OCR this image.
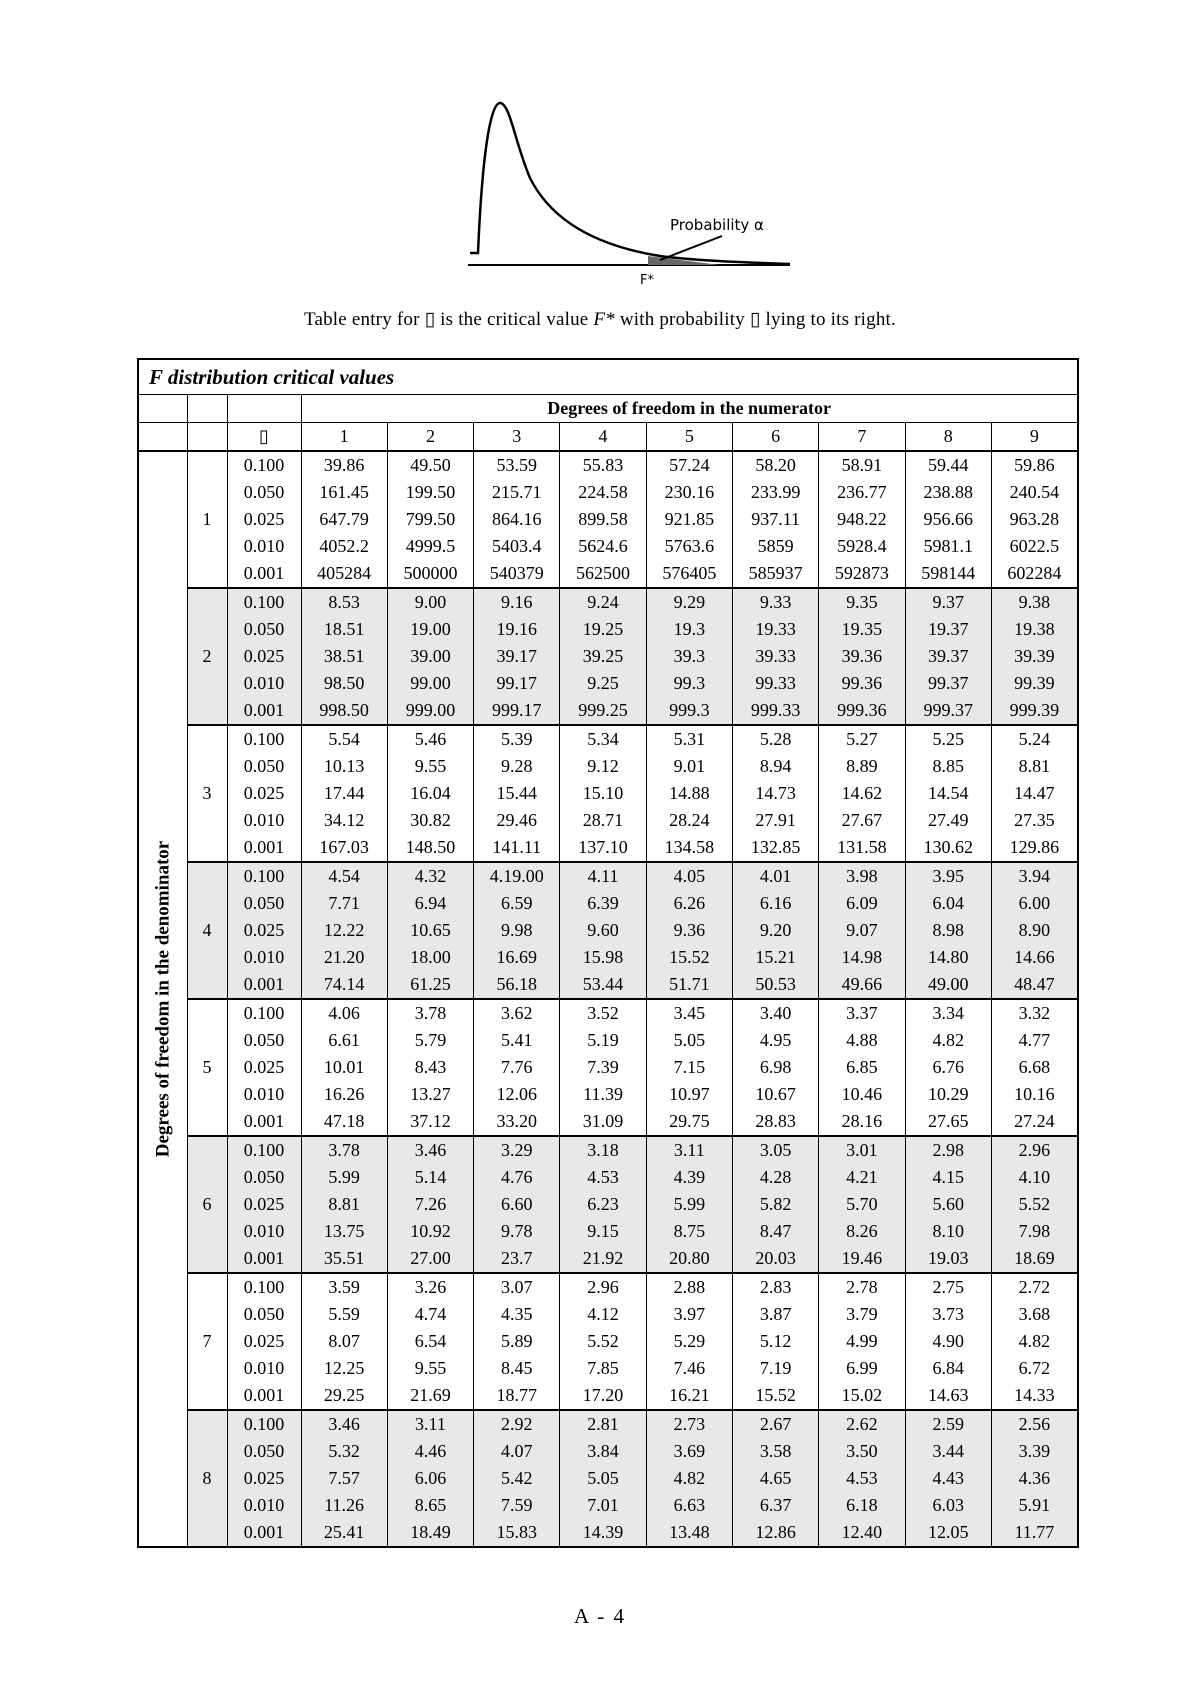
Probability α
F*
Table entry for ▯ is the critical value F* with probability ▯ lying to its right.
F distribution critical values											
			Degrees of freedom in the numerator								
		▯	1	2	3	4	5	6	7	8	9

Degrees of freedom in the denominator	1	0.100	39.86	49.50	53.59	55.83	57.24	58.20	58.91	59.44	59.86
		0.050	161.45	199.50	215.71	224.58	230.16	233.99	236.77	238.88	240.54
		0.025	647.79	799.50	864.16	899.58	921.85	937.11	948.22	956.66	963.28
		0.010	4052.2	4999.5	5403.4	5624.6	5763.6	5859	5928.4	5981.1	6022.5
		0.001	405284	500000	540379	562500	576405	585937	592873	598144	602284
	2	0.100	8.53	9.00	9.16	9.24	9.29	9.33	9.35	9.37	9.38
		0.050	18.51	19.00	19.16	19.25	19.3	19.33	19.35	19.37	19.38
		0.025	38.51	39.00	39.17	39.25	39.3	39.33	39.36	39.37	39.39
		0.010	98.50	99.00	99.17	9.25	99.3	99.33	99.36	99.37	99.39
		0.001	998.50	999.00	999.17	999.25	999.3	999.33	999.36	999.37	999.39
	3	0.100	5.54	5.46	5.39	5.34	5.31	5.28	5.27	5.25	5.24
		0.050	10.13	9.55	9.28	9.12	9.01	8.94	8.89	8.85	8.81
		0.025	17.44	16.04	15.44	15.10	14.88	14.73	14.62	14.54	14.47
		0.010	34.12	30.82	29.46	28.71	28.24	27.91	27.67	27.49	27.35
		0.001	167.03	148.50	141.11	137.10	134.58	132.85	131.58	130.62	129.86
	4	0.100	4.54	4.32	4.19.00	4.11	4.05	4.01	3.98	3.95	3.94
		0.050	7.71	6.94	6.59	6.39	6.26	6.16	6.09	6.04	6.00
		0.025	12.22	10.65	9.98	9.60	9.36	9.20	9.07	8.98	8.90
		0.010	21.20	18.00	16.69	15.98	15.52	15.21	14.98	14.80	14.66
		0.001	74.14	61.25	56.18	53.44	51.71	50.53	49.66	49.00	48.47
	5	0.100	4.06	3.78	3.62	3.52	3.45	3.40	3.37	3.34	3.32
		0.050	6.61	5.79	5.41	5.19	5.05	4.95	4.88	4.82	4.77
		0.025	10.01	8.43	7.76	7.39	7.15	6.98	6.85	6.76	6.68
		0.010	16.26	13.27	12.06	11.39	10.97	10.67	10.46	10.29	10.16
		0.001	47.18	37.12	33.20	31.09	29.75	28.83	28.16	27.65	27.24
	6	0.100	3.78	3.46	3.29	3.18	3.11	3.05	3.01	2.98	2.96
		0.050	5.99	5.14	4.76	4.53	4.39	4.28	4.21	4.15	4.10
		0.025	8.81	7.26	6.60	6.23	5.99	5.82	5.70	5.60	5.52
		0.010	13.75	10.92	9.78	9.15	8.75	8.47	8.26	8.10	7.98
		0.001	35.51	27.00	23.7	21.92	20.80	20.03	19.46	19.03	18.69
	7	0.100	3.59	3.26	3.07	2.96	2.88	2.83	2.78	2.75	2.72
		0.050	5.59	4.74	4.35	4.12	3.97	3.87	3.79	3.73	3.68
		0.025	8.07	6.54	5.89	5.52	5.29	5.12	4.99	4.90	4.82
		0.010	12.25	9.55	8.45	7.85	7.46	7.19	6.99	6.84	6.72
		0.001	29.25	21.69	18.77	17.20	16.21	15.52	15.02	14.63	14.33
	8	0.100	3.46	3.11	2.92	2.81	2.73	2.67	2.62	2.59	2.56
		0.050	5.32	4.46	4.07	3.84	3.69	3.58	3.50	3.44	3.39
		0.025	7.57	6.06	5.42	5.05	4.82	4.65	4.53	4.43	4.36
		0.010	11.26	8.65	7.59	7.01	6.63	6.37	6.18	6.03	5.91
		0.001	25.41	18.49	15.83	14.39	13.48	12.86	12.40	12.05	11.77
A - 4
